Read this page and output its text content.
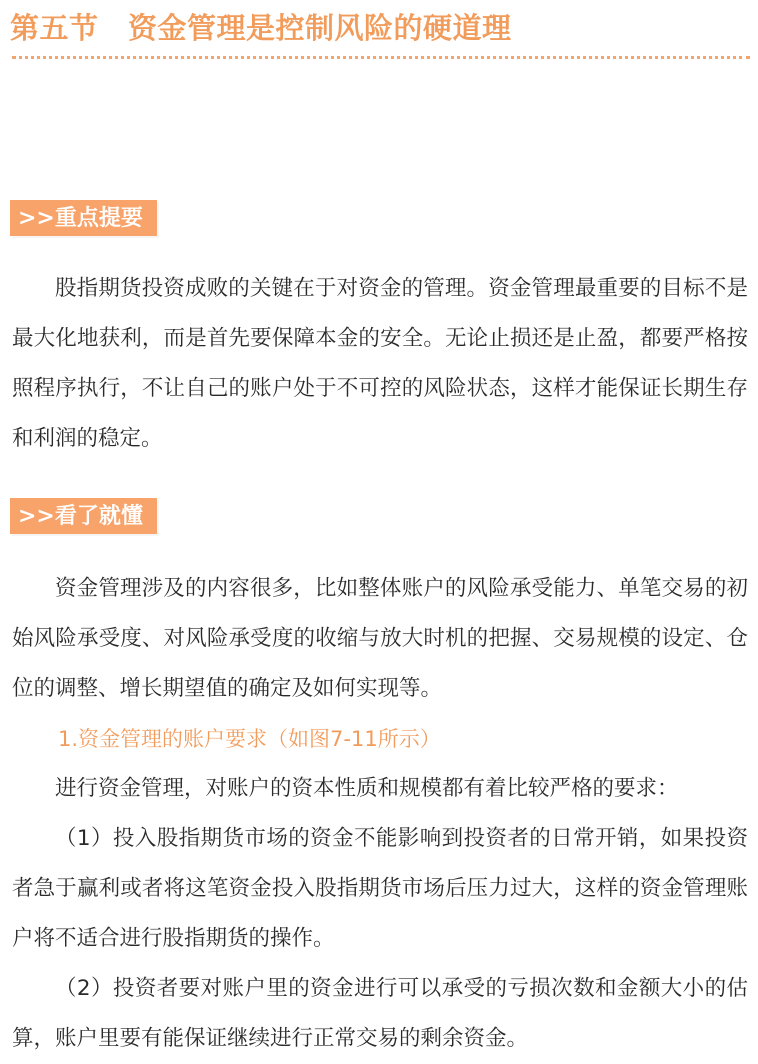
第五节　资金管理是控制风险的硬道理
>>重点提要

股指期货投资成败的关键在于对资金的管理。资金管理最重要的目标不是最大化地获利，而是首先要保障本金的安全。无论止损还是止盈，都要严格按照程序执行，不让自己的账户处于不可控的风险状态，这样才能保证长期生存和利润的稳定。

>>看了就懂

资金管理涉及的内容很多，比如整体账户的风险承受能力、单笔交易的初始风险承受度、对风险承受度的收缩与放大时机的把握、交易规模的设定、仓位的调整、增长期望值的确定及如何实现等。

1.资金管理的账户要求（如图7-11所示）

进行资金管理，对账户的资本性质和规模都有着比较严格的要求：

（1）投入股指期货市场的资金不能影响到投资者的日常开销，如果投资者急于赢利或者将这笔资金投入股指期货市场后压力过大，这样的资金管理账户将不适合进行股指期货的操作。

（2）投资者要对账户里的资金进行可以承受的亏损次数和金额大小的估算，账户里要有能保证继续进行正常交易的剩余资金。
